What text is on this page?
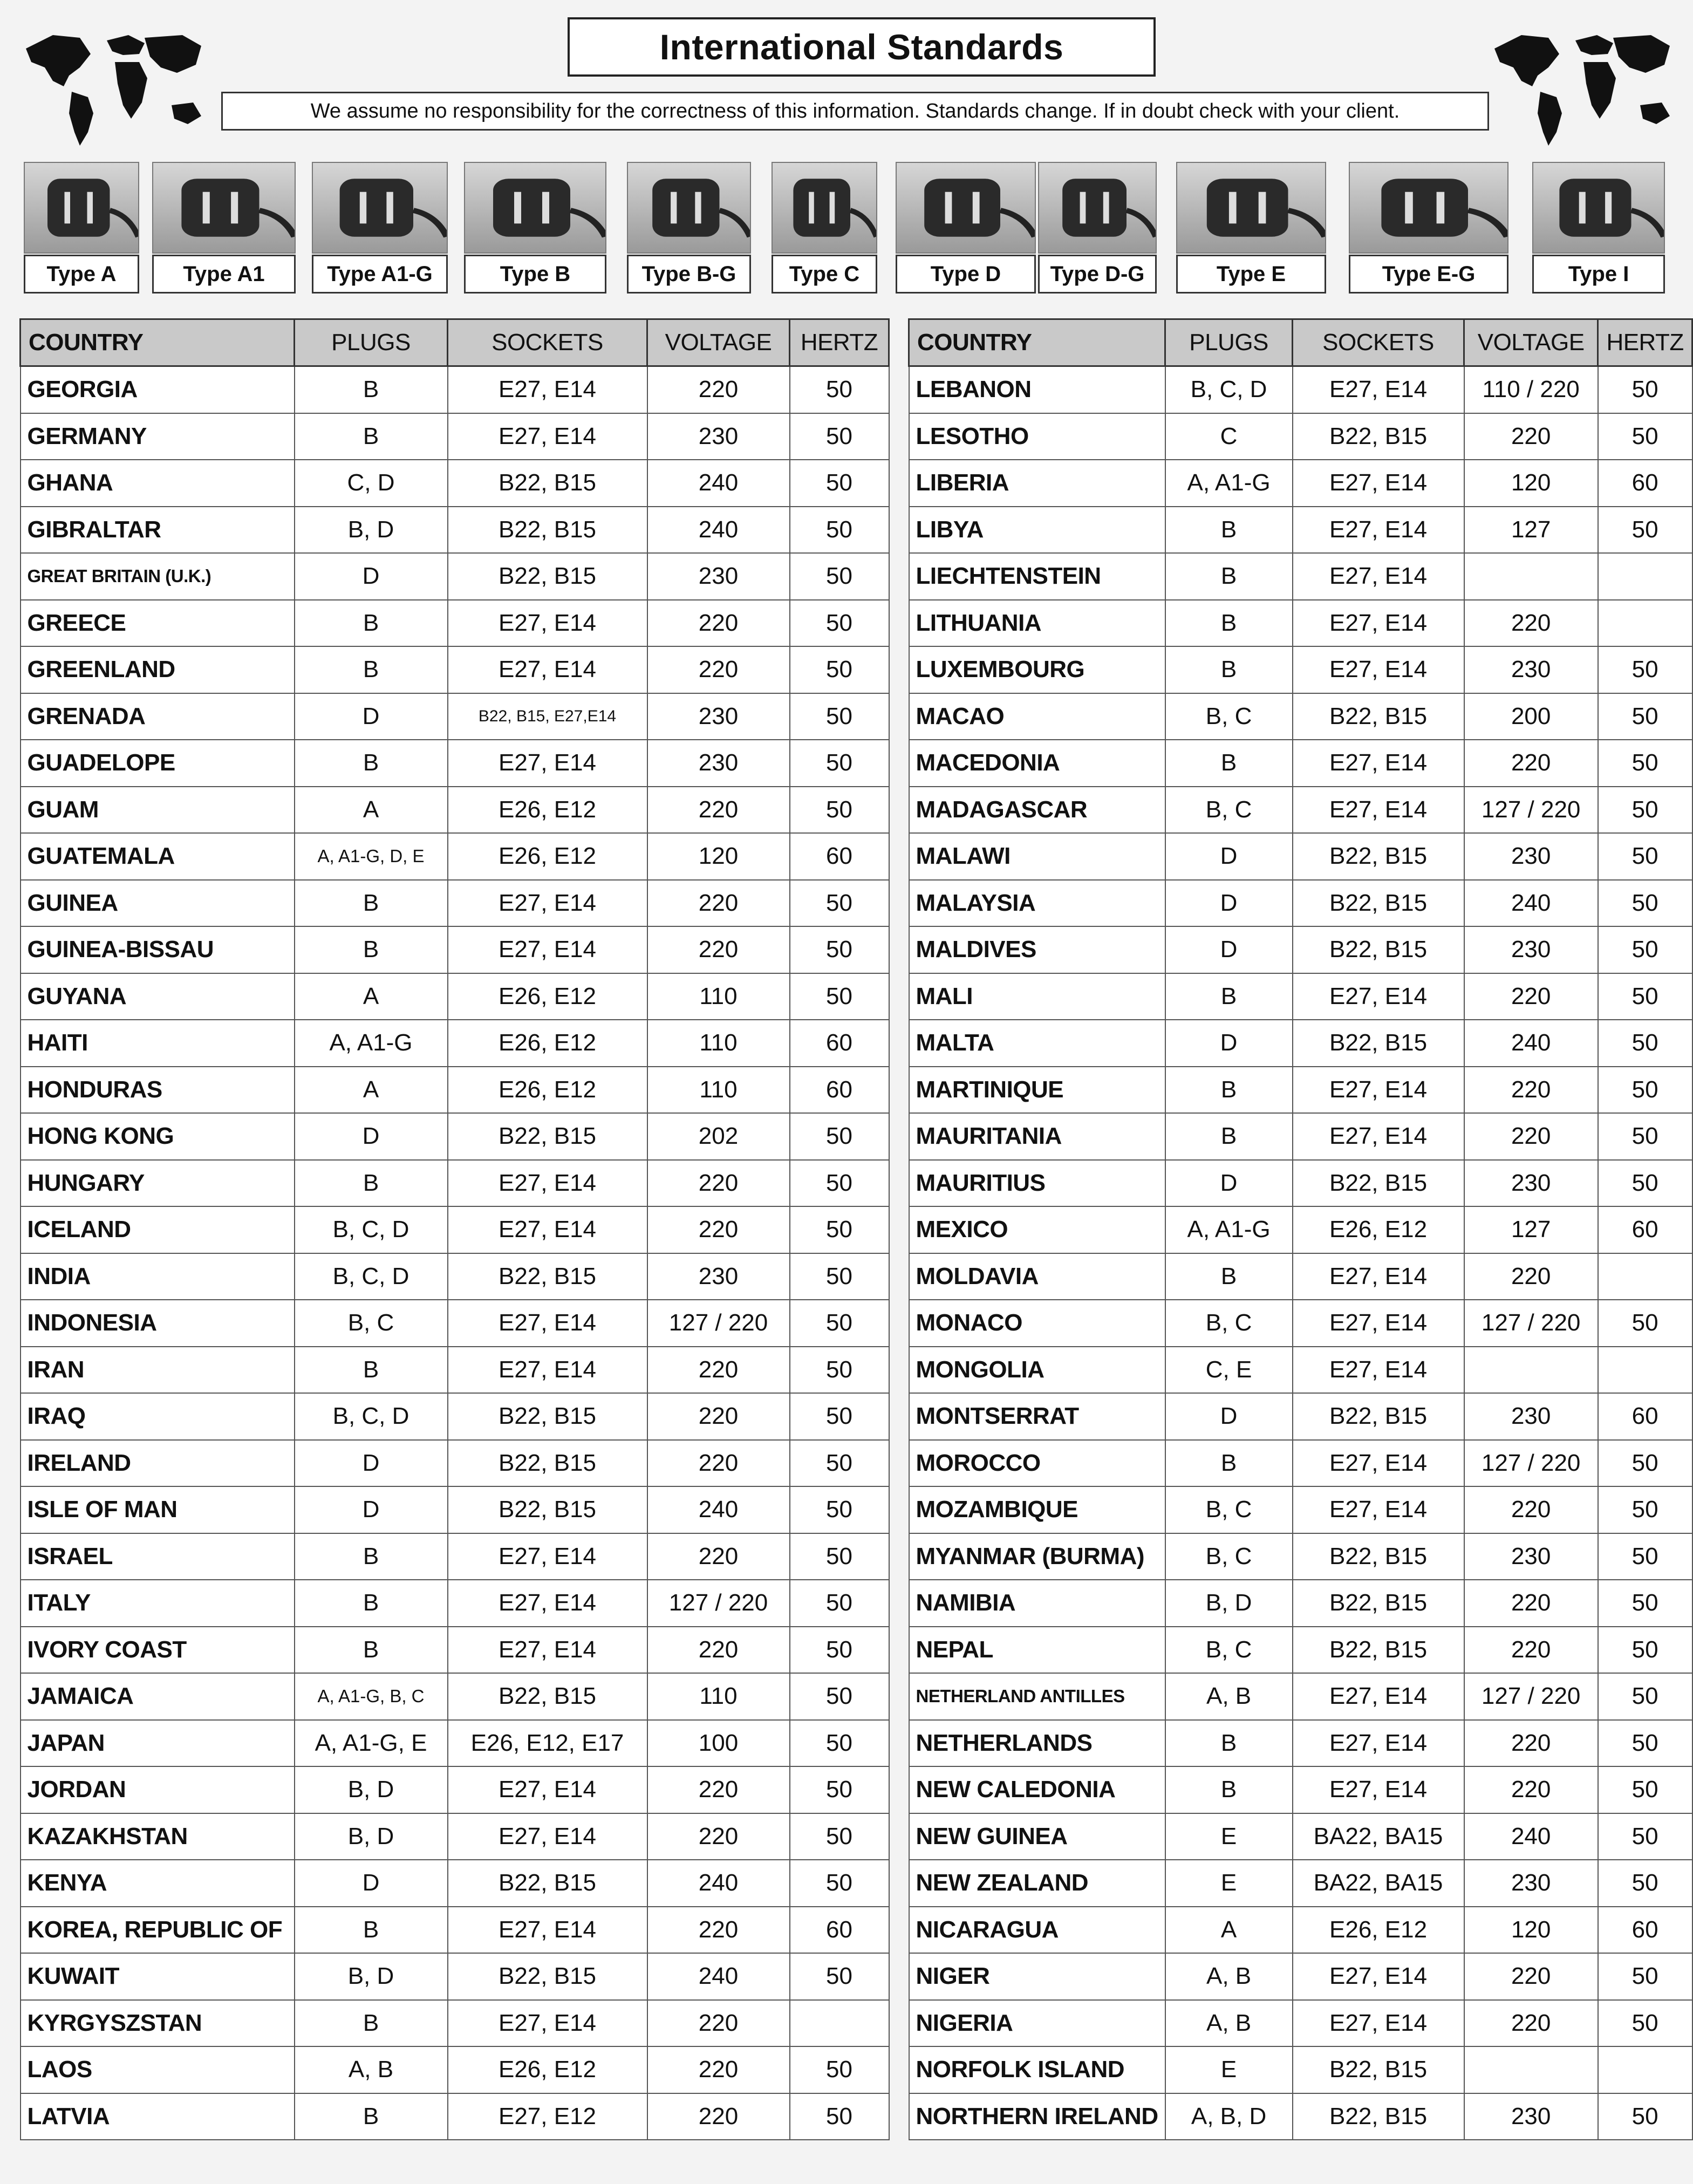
International Standards
We assume no responsibility for the correctness of this information. Standards change. If in doubt check with your client.
Type A	Type A1	Type A1-G	Type B	Type B-G	Type C	Type D	Type D-G	Type E	Type E-G	Type I
COUNTRY	PLUGS	SOCKETS	VOLTAGE	HERTZ
GEORGIA	B	E27, E14	220	50
GERMANY	B	E27, E14	230	50
GHANA	C, D	B22, B15	240	50
GIBRALTAR	B, D	B22, B15	240	50
GREAT BRITAIN (U.K.)	D	B22, B15	230	50
GREECE	B	E27, E14	220	50
GREENLAND	B	E27, E14	220	50
GRENADA	D	B22, B15, E27,E14	230	50
GUADELOPE	B	E27, E14	230	50
GUAM	A	E26, E12	220	50
GUATEMALA	A, A1-G, D, E	E26, E12	120	60
GUINEA	B	E27, E14	220	50
GUINEA-BISSAU	B	E27, E14	220	50
GUYANA	A	E26, E12	110	50
HAITI	A, A1-G	E26, E12	110	60
HONDURAS	A	E26, E12	110	60
HONG KONG	D	B22, B15	202	50
HUNGARY	B	E27, E14	220	50
ICELAND	B, C, D	E27, E14	220	50
INDIA	B, C, D	B22, B15	230	50
INDONESIA	B, C	E27, E14	127 / 220	50
IRAN	B	E27, E14	220	50
IRAQ	B, C, D	B22, B15	220	50
IRELAND	D	B22, B15	220	50
ISLE OF MAN	D	B22, B15	240	50
ISRAEL	B	E27, E14	220	50
ITALY	B	E27, E14	127 / 220	50
IVORY COAST	B	E27, E14	220	50
JAMAICA	A, A1-G, B, C	B22, B15	110	50
JAPAN	A, A1-G, E	E26, E12, E17	100	50
JORDAN	B, D	E27, E14	220	50
KAZAKHSTAN	B, D	E27, E14	220	50
KENYA	D	B22, B15	240	50
KOREA, REPUBLIC OF	B	E27, E14	220	60
KUWAIT	B, D	B22, B15	240	50
KYRGYSZSTAN	B	E27, E14	220	
LAOS	A, B	E26, E12	220	50
LATVIA	B	E27, E12	220	50
COUNTRY	PLUGS	SOCKETS	VOLTAGE	HERTZ
LEBANON	B, C, D	E27, E14	110 / 220	50
LESOTHO	C	B22, B15	220	50
LIBERIA	A, A1-G	E27, E14	120	60
LIBYA	B	E27, E14	127	50
LIECHTENSTEIN	B	E27, E14		
LITHUANIA	B	E27, E14	220	
LUXEMBOURG	B	E27, E14	230	50
MACAO	B, C	B22, B15	200	50
MACEDONIA	B	E27, E14	220	50
MADAGASCAR	B, C	E27, E14	127 / 220	50
MALAWI	D	B22, B15	230	50
MALAYSIA	D	B22, B15	240	50
MALDIVES	D	B22, B15	230	50
MALI	B	E27, E14	220	50
MALTA	D	B22, B15	240	50
MARTINIQUE	B	E27, E14	220	50
MAURITANIA	B	E27, E14	220	50
MAURITIUS	D	B22, B15	230	50
MEXICO	A, A1-G	E26, E12	127	60
MOLDAVIA	B	E27, E14	220	
MONACO	B, C	E27, E14	127 / 220	50
MONGOLIA	C, E	E27, E14		
MONTSERRAT	D	B22, B15	230	60
MOROCCO	B	E27, E14	127 / 220	50
MOZAMBIQUE	B, C	E27, E14	220	50
MYANMAR (BURMA)	B, C	B22, B15	230	50
NAMIBIA	B, D	B22, B15	220	50
NEPAL	B, C	B22, B15	220	50
NETHERLAND ANTILLES	A, B	E27, E14	127 / 220	50
NETHERLANDS	B	E27, E14	220	50
NEW CALEDONIA	B	E27, E14	220	50
NEW GUINEA	E	BA22, BA15	240	50
NEW ZEALAND	E	BA22, BA15	230	50
NICARAGUA	A	E26, E12	120	60
NIGER	A, B	E27, E14	220	50
NIGERIA	A, B	E27, E14	220	50
NORFOLK ISLAND	E	B22, B15		
NORTHERN IRELAND	A, B, D	B22, B15	230	50
